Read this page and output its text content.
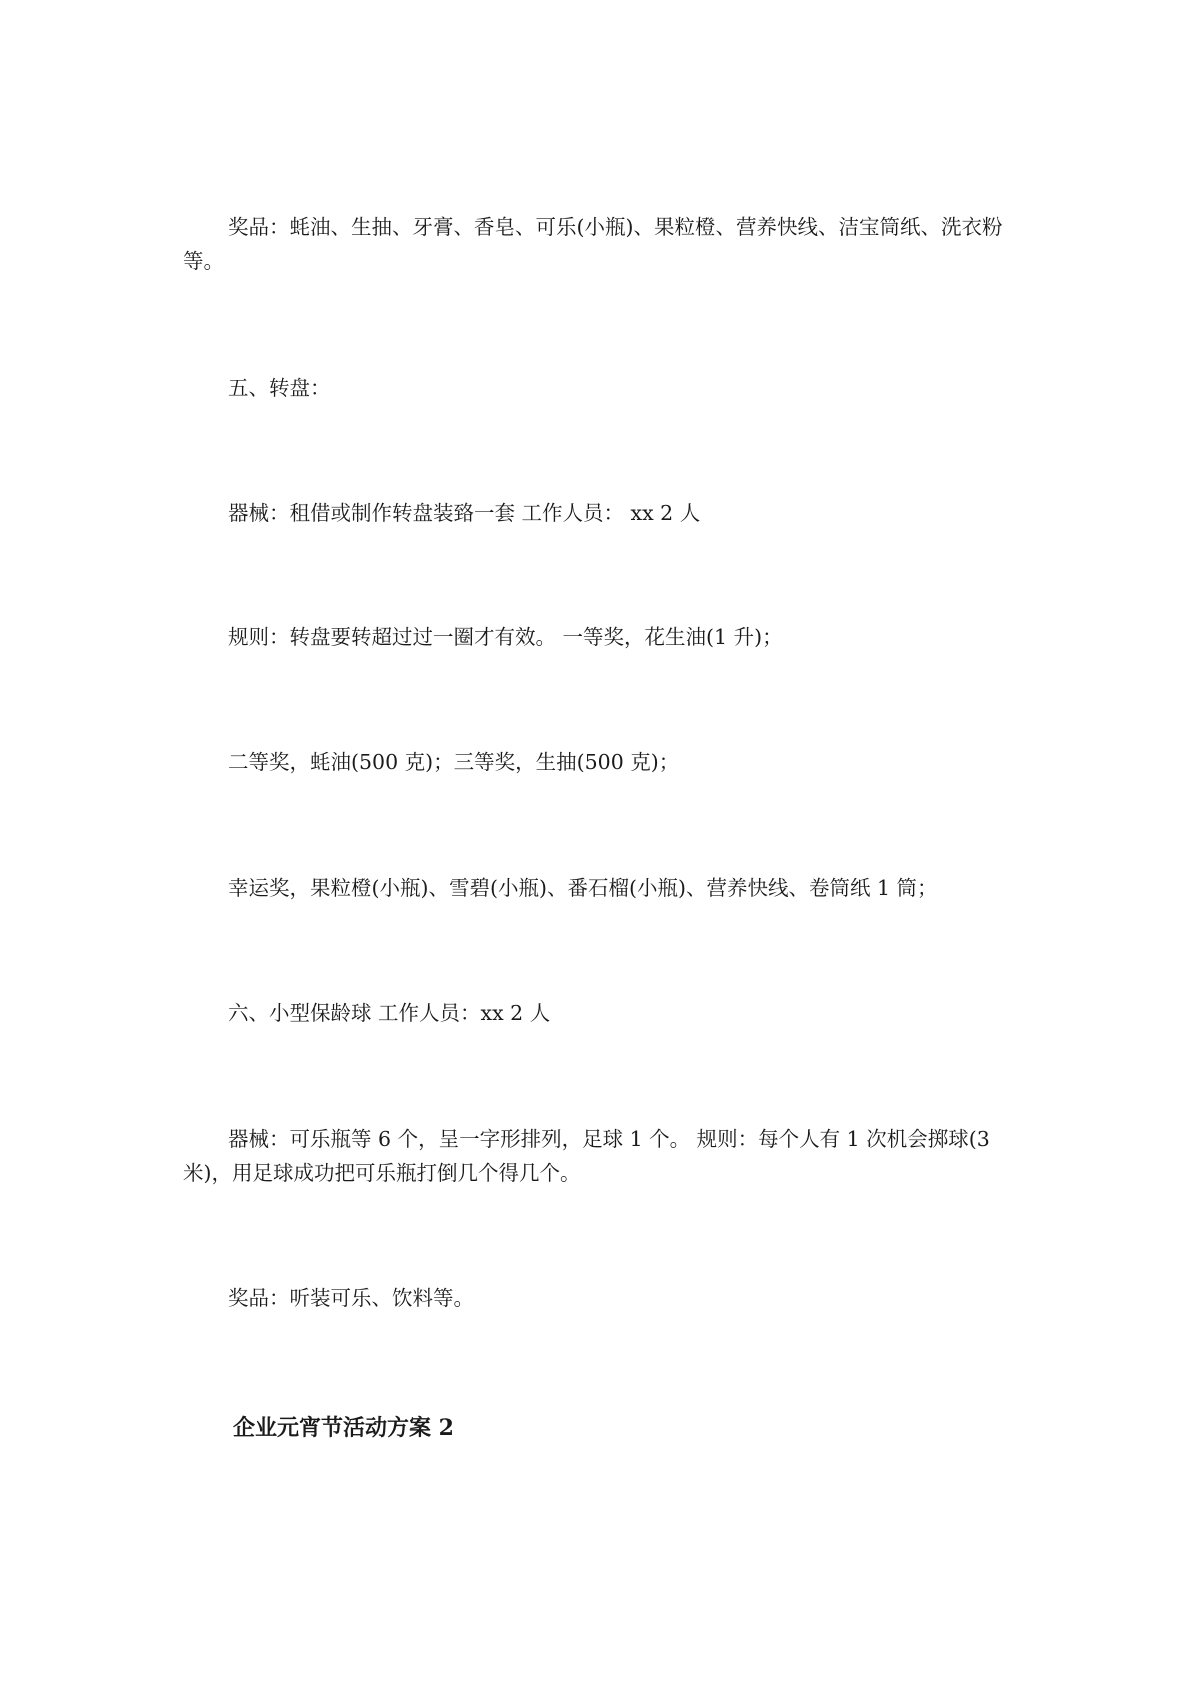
奖品：蚝油、生抽、牙膏、香皂、可乐(小瓶)、果粒橙、营养快线、洁宝筒纸、洗衣粉等。

五、转盘：

器械：租借或制作转盘装臵一套 工作人员： xx 2 人

规则：转盘要转超过过一圈才有效。 一等奖，花生油(1 升)；

二等奖，蚝油(500 克)；三等奖，生抽(500 克)；

幸运奖，果粒橙(小瓶)、雪碧(小瓶)、番石榴(小瓶)、营养快线、卷筒纸 1 筒；

六、小型保龄球 工作人员：xx 2 人

器械：可乐瓶等 6 个，呈一字形排列，足球 1 个。 规则：每个人有 1 次机会掷球(3 米)，用足球成功把可乐瓶打倒几个得几个。

奖品：听装可乐、饮料等。

企业元宵节活动方案 2
